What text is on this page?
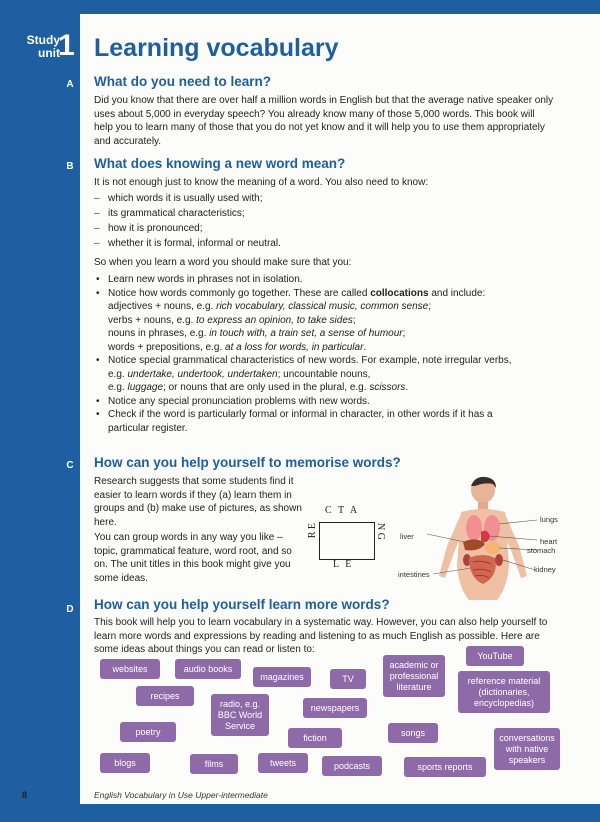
Study
unit
1 Learning vocabulary
A	What do you need to learn?
Did you know that there are over half a million words in English but that the average native speaker only uses about 5,000 in everyday speech? You already know many of those 5,000 words. This book will help you to learn many of those that you do not yet know and it will help you to use them appropriately and accurately.
B	What does knowing a new word mean?
It is not enough just to know the meaning of a word. You also need to know:
– which words it is usually used with;
– its grammatical characteristics;
– how it is pronounced;
– whether it is formal, informal or neutral.
So when you learn a word you should make sure that you:
• Learn new words in phrases not in isolation.
• Notice how words commonly go together. These are called collocations and include:
adjectives + nouns, e.g. rich vocabulary, classical music, common sense;
verbs + nouns, e.g. to express an opinion, to take sides;
nouns in phrases, e.g. in touch with, a train set, a sense of humour;
words + prepositions, e.g. at a loss for words, in particular.
• Notice special grammatical characteristics of new words. For example, note irregular verbs,
e.g. undertake, undertook, undertaken; uncountable nouns,
e.g. luggage; or nouns that are only used in the plural, e.g. scissors.
• Notice any special pronunciation problems with new words.
• Check if the word is particularly formal or informal in character, in other words if it has a particular register.
C	How can you help yourself to memorise words?
Research suggests that some students find it easier to learn words if they (a) learn them in groups and (b) make use of pictures, as shown here.
You can group words in any way you like – topic, grammatical feature, word root, and so on. The unit titles in this book might give you some ideas.
C T A
R E	N G
L E
lungs
liver
heart
stomach
kidney
intestines
D	How can you help yourself learn more words?
This book will help you to learn vocabulary in a systematic way. However, you can also help yourself to learn more words and expressions by reading and listening to as much English as possible. Here are some ideas about things you can read or listen to:
websites	audio books
magazines	TV
academic or professional literature
YouTube
recipes
reference material (dictionaries, encyclopedias)
radio, e.g. BBC World Service
newspapers
poetry
fiction	songs	conversations with native speakers
blogs	films	tweets	podcasts	sports reports
8	English Vocabulary in Use Upper-intermediate
